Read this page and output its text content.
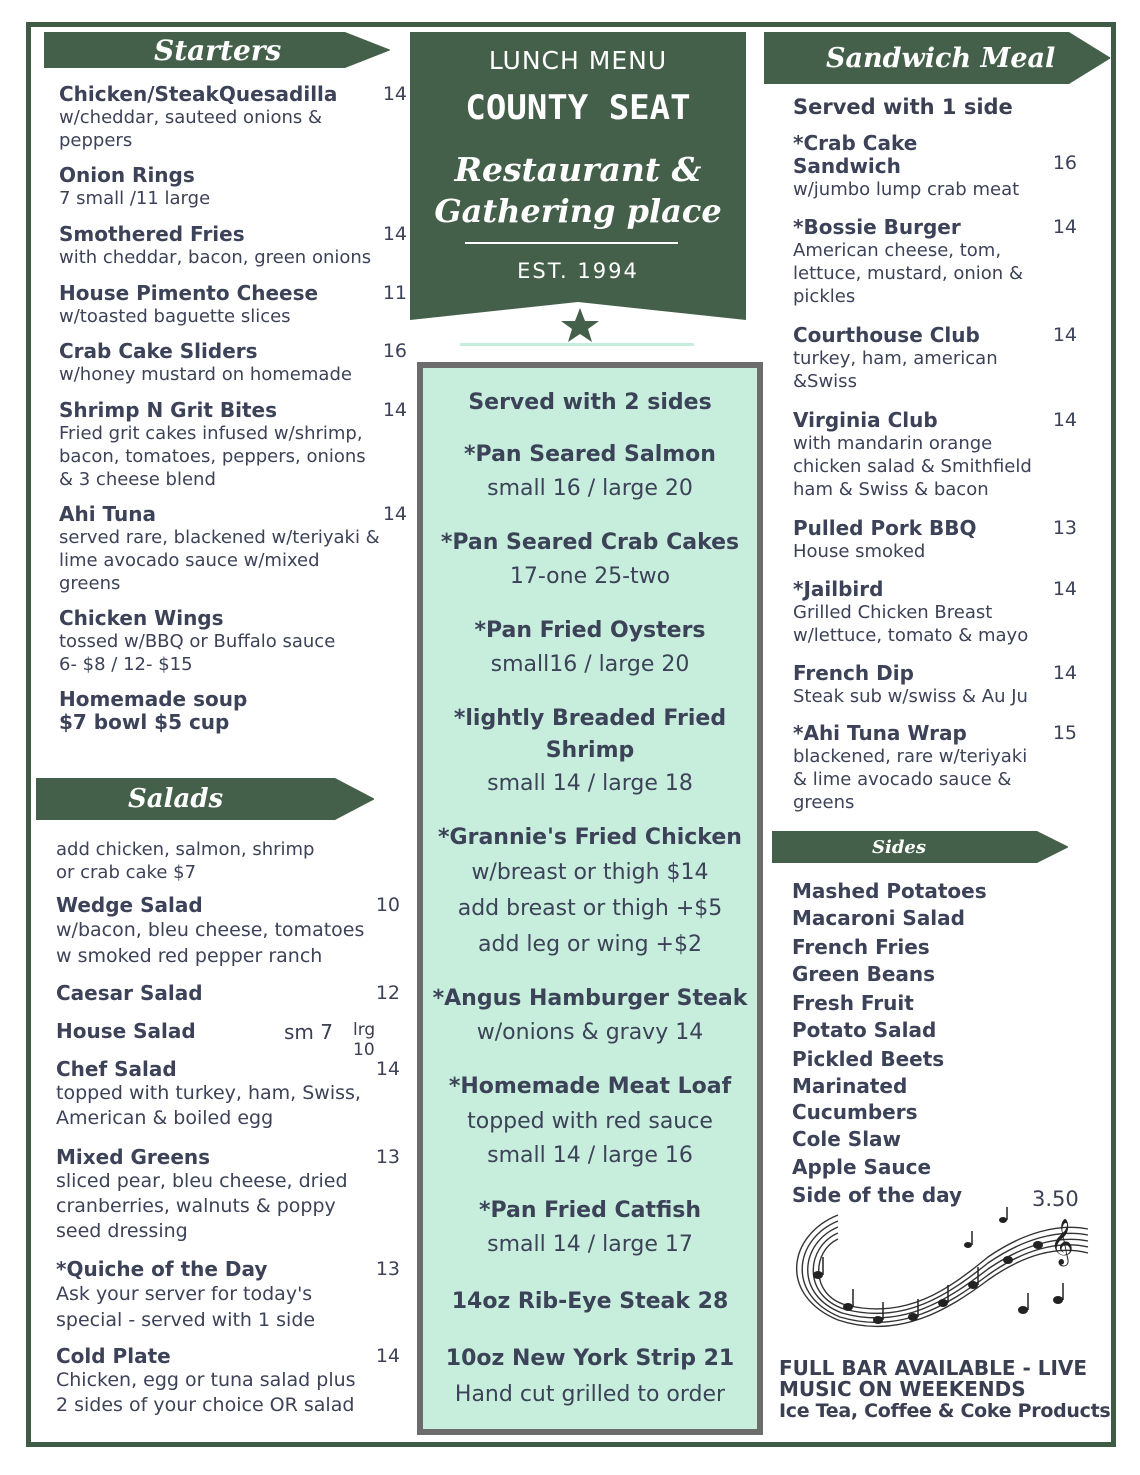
Starters
Chicken/SteakQuesadilla	14
w/cheddar, sauteed onions &
peppers
Onion Rings
7 small /11 large
Smothered Fries	14
with cheddar, bacon, green onions
House Pimento Cheese	11
w/toasted baguette slices
Crab Cake Sliders	16
w/honey mustard on homemade
Shrimp N Grit Bites	14
Fried grit cakes infused w/shrimp,
bacon, tomatoes, peppers, onions
& 3 cheese blend
Ahi Tuna	14
served rare, blackened w/teriyaki &
lime avocado sauce w/mixed
greens
Chicken Wings
tossed w/BBQ or Buffalo sauce
6- $8 / 12- $15
Homemade soup
$7 bowl $5 cup
Salads
add chicken, salmon, shrimp
or crab cake $7
Wedge Salad	10
w/bacon, bleu cheese, tomatoes
w smoked red pepper ranch
Caesar Salad	12
House Salad	sm 7 lrg 10
Chef Salad	14
topped with turkey, ham, Swiss,
American & boiled egg
Mixed Greens	13
sliced pear, bleu cheese, dried
cranberries, walnuts & poppy
seed dressing
*Quiche of the Day	13
Ask your server for today's
special - served with 1 side
Cold Plate	14
Chicken, egg or tuna salad plus
2 sides of your choice OR salad
LUNCH MENU
COUNTY SEAT
Restaurant &
Gathering place
EST. 1994
Served with 2 sides
*Pan Seared Salmon
small 16 / large 20
*Pan Seared Crab Cakes
17-one 25-two
*Pan Fried Oysters
small16 / large 20
*lightly Breaded Fried
Shrimp
small 14 / large 18
*Grannie's Fried Chicken
w/breast or thigh $14
add breast or thigh +$5
add leg or wing +$2
*Angus Hamburger Steak
w/onions & gravy 14
*Homemade Meat Loaf
topped with red sauce
small 14 / large 16
*Pan Fried Catfish
small 14 / large 17
14oz Rib-Eye Steak 28
10oz New York Strip 21
Hand cut grilled to order
Sandwich Meal
Served with 1 side
*Crab Cake
Sandwich	16
w/jumbo lump crab meat
*Bossie Burger	14
American cheese, tom,
lettuce, mustard, onion &
pickles
Courthouse Club	14
turkey, ham, american
&Swiss
Virginia Club	14
with mandarin orange
chicken salad & Smithfield
ham & Swiss & bacon
Pulled Pork BBQ	13
House smoked
*Jailbird	14
Grilled Chicken Breast
w/lettuce, tomato & mayo
French Dip	14
Steak sub w/swiss & Au Ju
*Ahi Tuna Wrap	15
blackened, rare w/teriyaki
& lime avocado sauce &
greens
Sides
Mashed Potatoes
Macaroni Salad
French Fries
Green Beans
Fresh Fruit
Potato Salad
Pickled Beets
Marinated
Cucumbers
Cole Slaw
Apple Sauce
Side of the day	3.50
𝄞
FULL BAR AVAILABLE - LIVE
MUSIC ON WEEKENDS
Ice Tea, Coffee & Coke Products
